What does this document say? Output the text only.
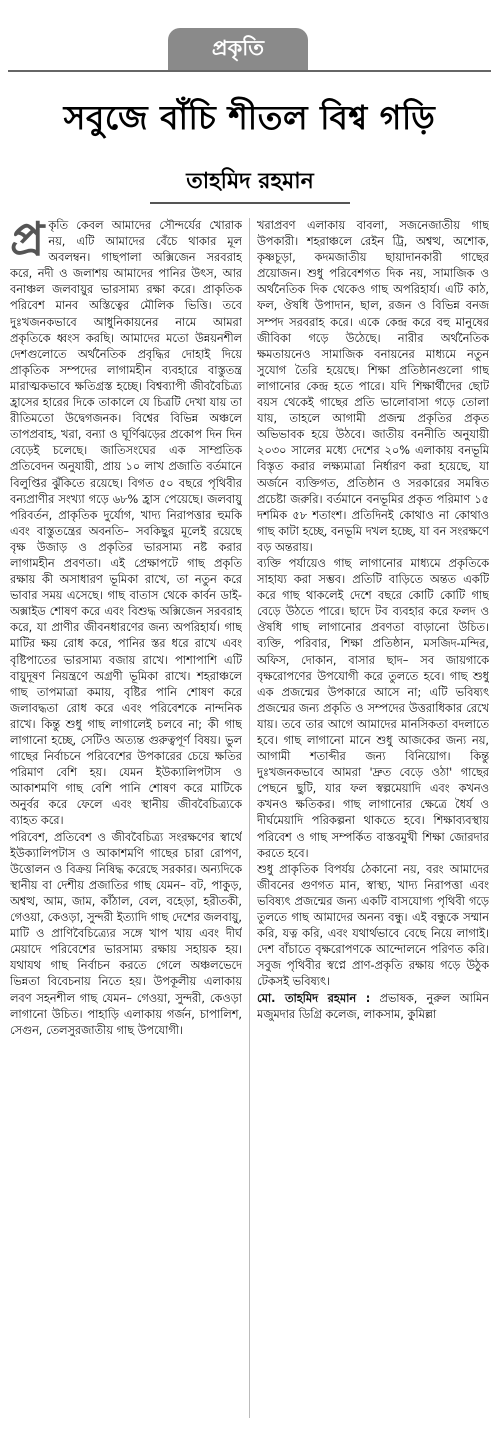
প্রকৃতি
সবুজে বাঁচি শীতল বিশ্ব গড়ি
তাহমিদ রহমান

প্র কৃতি কেবল আমাদের সৌন্দর্যের খোরাক নয়, এটি আমাদের বেঁচে থাকার মূল অবলম্বন। গাছপালা অক্সিজেন সরবরাহ করে, নদী ও জলাশয় আমাদের পানির উৎস, আর বনাঞ্চল জলবায়ুর ভারসাম্য রক্ষা করে। প্রাকৃতিক পরিবেশ মানব অস্তিত্বের মৌলিক ভিত্তি। তবে দুঃখজনকভাবে আধুনিকায়নের নামে আমরা প্রকৃতিকে ধ্বংস করছি। আমাদের মতো উন্নয়নশীল দেশগুলোতে অর্থনৈতিক প্রবৃদ্ধির দোহাই দিয়ে প্রাকৃতিক সম্পদের লাগামহীন ব্যবহারে বাস্তুতন্ত্র মারাত্মকভাবে ক্ষতিগ্রস্ত হচ্ছে। বিশ্বব্যাপী জীববৈচিত্র্য হ্রাসের হারের দিকে তাকালে যে চিত্রটি দেখা যায় তা রীতিমতো উদ্বেগজনক। বিশ্বের বিভিন্ন অঞ্চলে তাপপ্রবাহ, খরা, বন্যা ও ঘূর্ণিঝড়ের প্রকোপ দিন দিন বেড়েই চলেছে। জাতিসংঘের এক সাম্প্রতিক প্রতিবেদন অনুযায়ী, প্রায় ১০ লাখ প্রজাতি বর্তমানে বিলুপ্তির ঝুঁকিতে রয়েছে। বিগত ৫০ বছরে পৃথিবীর বন্যপ্রাণীর সংখ্যা গড়ে ৬৮% হ্রাস পেয়েছে। জলবায়ু পরিবর্তন, প্রাকৃতিক দুর্যোগ, খাদ্য নিরাপত্তার হুমকি এবং বাস্তুতন্ত্রের অবনতি– সবকিছুর মূলেই রয়েছে বৃক্ষ উজাড় ও প্রকৃতির ভারসাম্য নষ্ট করার লাগামহীন প্রবণতা। এই প্রেক্ষাপটে গাছ প্রকৃতি রক্ষায় কী অসাধারণ ভূমিকা রাখে, তা নতুন করে ভাবার সময় এসেছে। গাছ বাতাস থেকে কার্বন ডাই-অক্সাইড শোষণ করে এবং বিশুদ্ধ অক্সিজেন সরবরাহ করে, যা প্রাণীর জীবনধারণের জন্য অপরিহার্য। গাছ মাটির ক্ষয় রোধ করে, পানির স্তর ধরে রাখে এবং বৃষ্টিপাতের ভারসাম্য বজায় রাখে। পাশাপাশি এটি বায়ুদূষণ নিয়ন্ত্রণে অগ্রণী ভূমিকা রাখে। শহরাঞ্চলে গাছ তাপমাত্রা কমায়, বৃষ্টির পানি শোষণ করে জলাবদ্ধতা রোধ করে এবং পরিবেশকে নান্দনিক রাখে। কিন্তু শুধু গাছ লাগালেই চলবে না; কী গাছ লাগানো হচ্ছে, সেটিও অত্যন্ত গুরুত্বপূর্ণ বিষয়। ভুল গাছের নির্বাচনে পরিবেশের উপকারের চেয়ে ক্ষতির পরিমাণ বেশি হয়। যেমন ইউক্যালিপটাস ও আকাশমণি গাছ বেশি পানি শোষণ করে মাটিকে অনুর্বর করে ফেলে এবং স্থানীয় জীববৈচিত্র্যকে ব্যাহত করে।

পরিবেশ, প্রতিবেশ ও জীববৈচিত্র্য সংরক্ষণের স্বার্থে ইউক্যালিপটাস ও আকাশমণি গাছের চারা রোপণ, উত্তোলন ও বিক্রয় নিষিদ্ধ করেছে সরকার। অন্যদিকে স্থানীয় বা দেশীয় প্রজাতির গাছ যেমন– বট, পাকুড়, অশ্বত্থ, আম, জাম, কাঁঠাল, বেল, বহেড়া, হরীতকী, গেওয়া, কেওড়া, সুন্দরী ইত্যাদি গাছ দেশের জলবায়ু, মাটি ও প্রাণিবৈচিত্র্যের সঙ্গে খাপ খায় এবং দীর্ঘ মেয়াদে পরিবেশের ভারসাম্য রক্ষায় সহায়ক হয়। যথাযথ গাছ নির্বাচন করতে গেলে অঞ্চলভেদে ভিন্নতা বিবেচনায় নিতে হয়। উপকূলীয় এলাকায় লবণ সহনশীল গাছ যেমন– গেওয়া, সুন্দরী, কেওড়া লাগানো উচিত। পাহাড়ি এলাকায় গর্জন, চাপালিশ, সেগুন, তেলসুরজাতীয় গাছ উপযোগী।

খরাপ্রবণ এলাকায় বাবলা, সজনেজাতীয় গাছ উপকারী। শহরাঞ্চলে রেইন ট্রি, অশ্বত্থ, অশোক, কৃষ্ণচূড়া, কদমজাতীয় ছায়াদানকারী গাছের প্রয়োজন। শুধু পরিবেশগত দিক নয়, সামাজিক ও অর্থনৈতিক দিক থেকেও গাছ অপরিহার্য। এটি কাঠ, ফল, ঔষধি উপাদান, ছাল, রজন ও বিভিন্ন বনজ সম্পদ সরবরাহ করে। একে কেন্দ্র করে বহু মানুষের জীবিকা গড়ে উঠেছে। নারীর অর্থনৈতিক ক্ষমতায়নেও সামাজিক বনায়নের মাধ্যমে নতুন সুযোগ তৈরি হয়েছে। শিক্ষা প্রতিষ্ঠানগুলো গাছ লাগানোর কেন্দ্র হতে পারে। যদি শিক্ষার্থীদের ছোট বয়স থেকেই গাছের প্রতি ভালোবাসা গড়ে তোলা যায়, তাহলে আগামী প্রজন্ম প্রকৃতির প্রকৃত অভিভাবক হয়ে উঠবে। জাতীয় বননীতি অনুযায়ী ২০৩০ সালের মধ্যে দেশের ২০% এলাকায় বনভূমি বিস্তৃত করার লক্ষ্যমাত্রা নির্ধারণ করা হয়েছে, যা অর্জনে ব্যক্তিগত, প্রতিষ্ঠান ও সরকারের সমন্বিত প্রচেষ্টা জরুরি। বর্তমানে বনভূমির প্রকৃত পরিমাণ ১৫ দশমিক ৫৮ শতাংশ। প্রতিদিনই কোথাও না কোথাও গাছ কাটা হচ্ছে, বনভূমি দখল হচ্ছে, যা বন সংরক্ষণে বড় অন্তরায়।

ব্যক্তি পর্যায়েও গাছ লাগানোর মাধ্যমে প্রকৃতিকে সাহায্য করা সম্ভব। প্রতিটি বাড়িতে অন্তত একটি করে গাছ থাকলেই দেশে বছরে কোটি কোটি গাছ বেড়ে উঠতে পারে। ছাদে টব ব্যবহার করে ফলদ ও ঔষধি গাছ লাগানোর প্রবণতা বাড়ানো উচিত। ব্যক্তি, পরিবার, শিক্ষা প্রতিষ্ঠান, মসজিদ-মন্দির, অফিস, দোকান, বাসার ছাদ– সব জায়গাকে বৃক্ষরোপণের উপযোগী করে তুলতে হবে। গাছ শুধু এক প্রজন্মের উপকারে আসে না; এটি ভবিষ্যৎ প্রজন্মের জন্য প্রকৃতি ও সম্পদের উত্তরাধিকার রেখে যায়। তবে তার আগে আমাদের মানসিকতা বদলাতে হবে। গাছ লাগানো মানে শুধু আজকের জন্য নয়, আগামী শতাব্দীর জন্য বিনিয়োগ। কিন্তু দুঃখজনকভাবে আমরা 'দ্রুত বেড়ে ওঠা' গাছের পেছনে ছুটি, যার ফল স্বল্পমেয়াদি এবং কখনও কখনও ক্ষতিকর। গাছ লাগানোর ক্ষেত্রে ধৈর্য ও দীর্ঘমেয়াদি পরিকল্পনা থাকতে হবে। শিক্ষাব্যবস্থায় পরিবেশ ও গাছ সম্পর্কিত বাস্তবমুখী শিক্ষা জোরদার করতে হবে।

শুধু প্রাকৃতিক বিপর্যয় ঠেকানো নয়, বরং আমাদের জীবনের গুণগত মান, স্বাস্থ্য, খাদ্য নিরাপত্তা এবং ভবিষ্যৎ প্রজন্মের জন্য একটি বাসযোগ্য পৃথিবী গড়ে তুলতে গাছ আমাদের অনন্য বন্ধু। এই বন্ধুকে সম্মান করি, যত্ন করি, এবং যথার্থভাবে বেছে নিয়ে লাগাই। দেশ বাঁচাতে বৃক্ষরোপণকে আন্দোলনে পরিণত করি। সবুজ পৃথিবীর স্বপ্নে প্রাণ-প্রকৃতি রক্ষায় গড়ে উঠুক টেকসই ভবিষ্যৎ।

মো. তাহমিদ রহমান : প্রভাষক, নুরুল আমিন মজুমদার ডিগ্রি কলেজ, লাকসাম, কুমিল্লা
